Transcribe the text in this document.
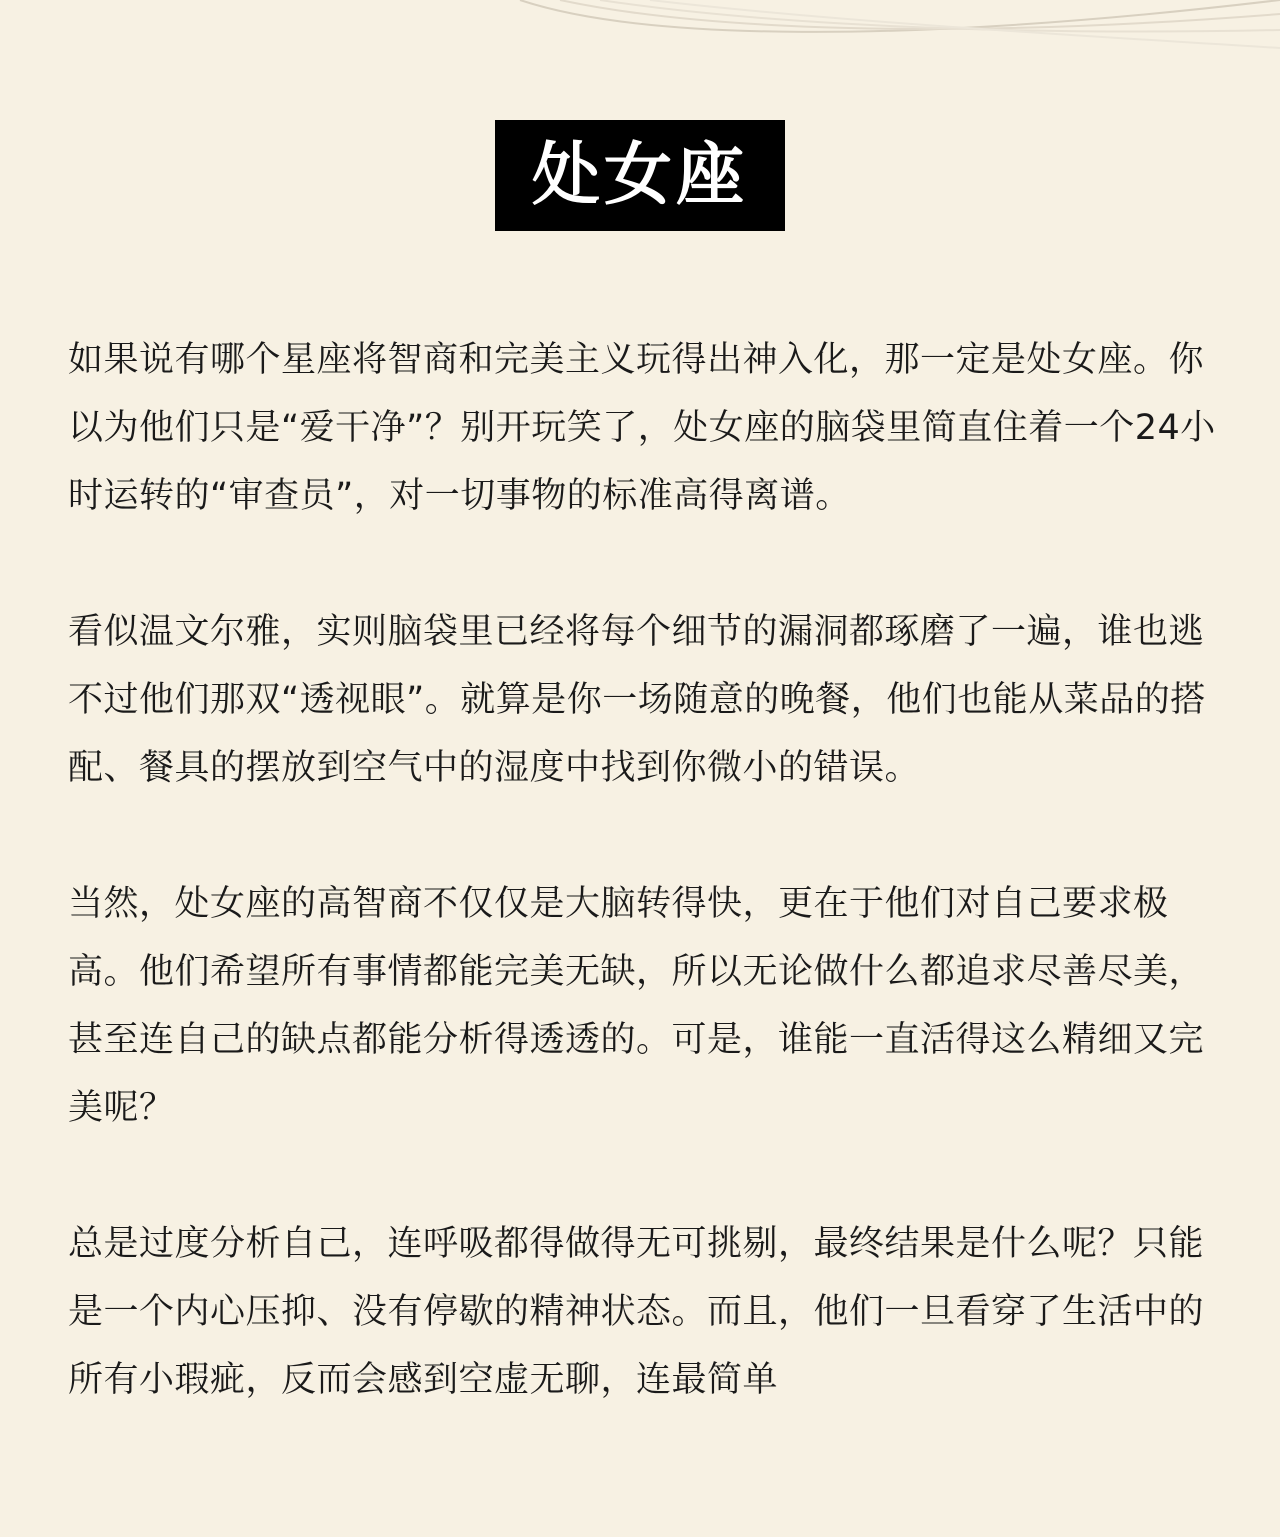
处女座

如果说有哪个星座将智商和完美主义玩得出神入化，那一定是处女座。你以为他们只是“爱干净”？别开玩笑了，处女座的脑袋里简直住着一个24小时运转的“审查员”，对一切事物的标准高得离谱。

看似温文尔雅，实则脑袋里已经将每个细节的漏洞都琢磨了一遍，谁也逃不过他们那双“透视眼”。就算是你一场随意的晚餐，他们也能从菜品的搭配、餐具的摆放到空气中的湿度中找到你微小的错误。

当然，处女座的高智商不仅仅是大脑转得快，更在于他们对自己要求极高。他们希望所有事情都能完美无缺，所以无论做什么都追求尽善尽美，甚至连自己的缺点都能分析得透透的。可是，谁能一直活得这么精细又完美呢？

总是过度分析自己，连呼吸都得做得无可挑剔，最终结果是什么呢？只能是一个内心压抑、没有停歇的精神状态。而且，他们一旦看穿了生活中的所有小瑕疵，反而会感到空虚无聊，连最简单
